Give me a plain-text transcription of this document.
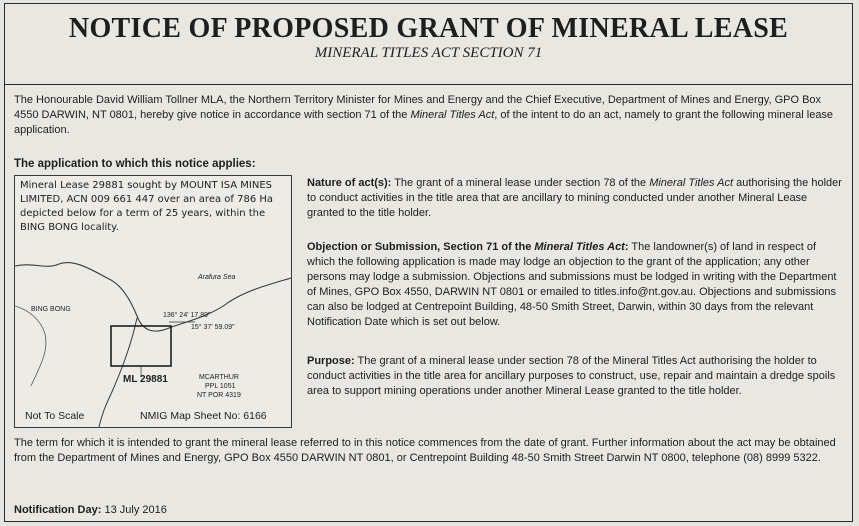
NOTICE OF PROPOSED GRANT OF MINERAL LEASE
MINERAL TITLES ACT SECTION 71

The Honourable David William Tollner MLA, the Northern Territory Minister for Mines and Energy and the Chief Executive, Department of Mines and Energy, GPO Box 4550 DARWIN, NT 0801, hereby give notice in accordance with section 71 of the Mineral Titles Act, of the intent to do an act, namely to grant the following mineral lease application.

The application to which this notice applies:
Mineral Lease 29881 sought by MOUNT ISA MINES LIMITED, ACN 009 661 447 over an area of 786 Ha depicted below for a term of 25 years, within the BING BONG locality.
Arafura Sea
BING BONG
136° 24' 17.89"
15° 37' 59.09"
ML 29881	MCARTHUR
PPL 1051
NT POR 4319
Not To Scale	NMIG Map Sheet No: 6166

Nature of act(s): The grant of a mineral lease under section 78 of the Mineral Titles Act authorising the holder to conduct activities in the title area that are ancillary to mining conducted under another Mineral Lease granted to the title holder.

Objection or Submission, Section 71 of the Mineral Titles Act: The landowner(s) of land in respect of which the following application is made may lodge an objection to the grant of the application; any other persons may lodge a submission. Objections and submissions must be lodged in writing with the Department of Mines, GPO Box 4550, DARWIN NT 0801 or emailed to titles.info@nt.gov.au. Objections and submissions can also be lodged at Centrepoint Building, 48-50 Smith Street, Darwin, within 30 days from the relevant Notification Date which is set out below.

Purpose: The grant of a mineral lease under section 78 of the Mineral Titles Act authorising the holder to conduct activities in the title area for ancillary purposes to construct, use, repair and maintain a dredge spoils area to support mining operations under another Mineral Lease granted to the title holder.

The term for which it is intended to grant the mineral lease referred to in this notice commences from the date of grant. Further information about the act may be obtained from the Department of Mines and Energy, GPO Box 4550 DARWIN NT 0801, or Centrepoint Building 48-50 Smith Street Darwin NT 0800, telephone (08) 8999 5322.

Notification Day: 13 July 2016
